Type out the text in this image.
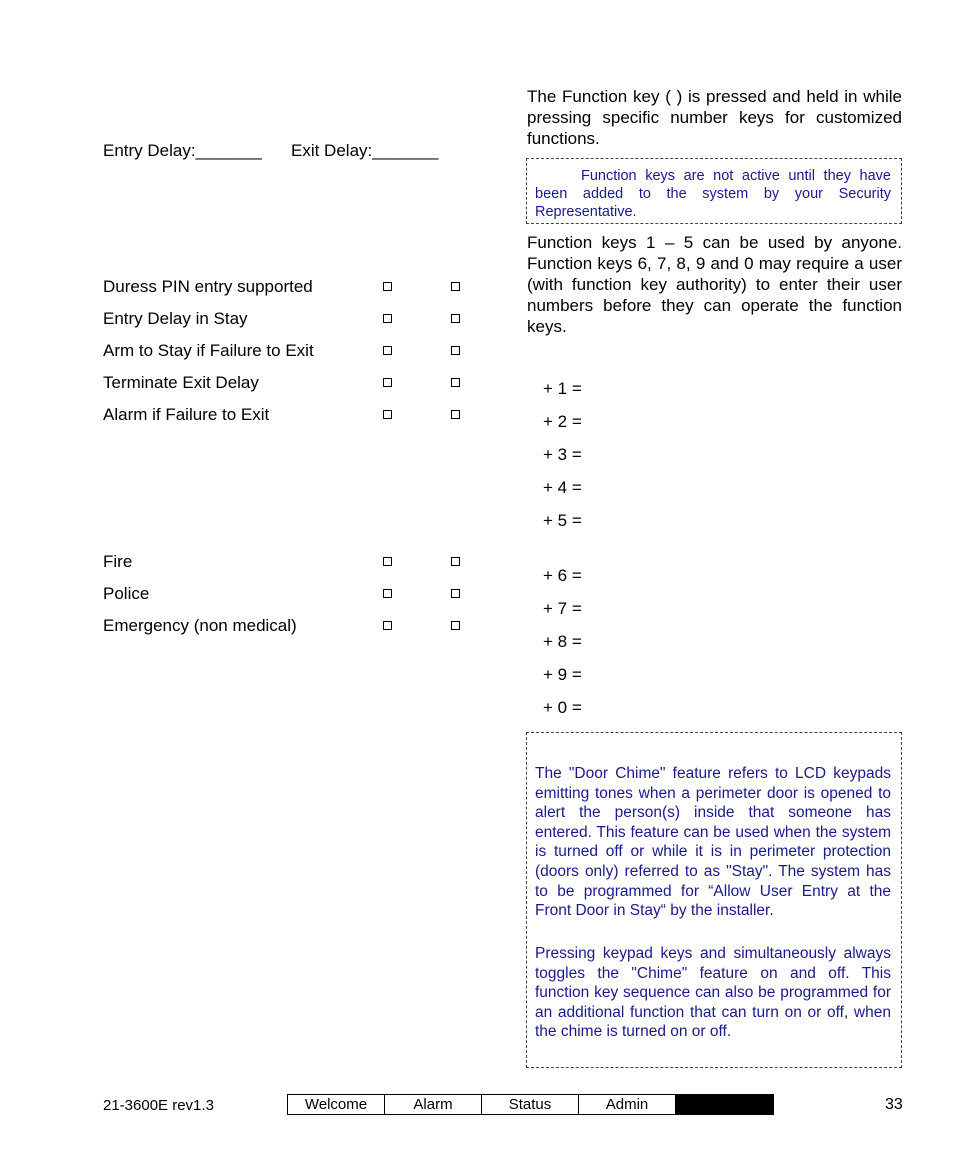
Entry Delay:_______ Exit Delay:_______
Duress PIN entry supported
Entry Delay in Stay
Arm to Stay if Failure to Exit
Terminate Exit Delay
Alarm if Failure to Exit
Fire
Police
Emergency (non medical)
The Function key ( ) is pressed and held in while pressing specific number keys for customized functions.
Function keys are not active until they have been added to the system by your Security Representative.
Function keys 1 – 5 can be used by anyone. Function keys 6, 7, 8, 9 and 0 may require a user (with function key authority) to enter their user numbers before they can operate the function keys.
+ 1 =
+ 2 =
+ 3 =
+ 4 =
+ 5 =
+ 6 =
+ 7 =
+ 8 =
+ 9 =
+ 0 =
The "Door Chime" feature refers to LCD keypads emitting tones when a perimeter door is opened to alert the person(s) inside that someone has entered. This feature can be used when the system is turned off or while it is in perimeter protection (doors only) referred to as "Stay". The system has to be programmed for “Allow User Entry at the Front Door in Stay“ by the installer.
Pressing keypad keys and simultaneously always toggles the "Chime" feature on and off. This function key sequence can also be programmed for an additional function that can turn on or off, when the chime is turned on or off.
21-3600E rev1.3	Welcome	Alarm	Status	Admin	33
